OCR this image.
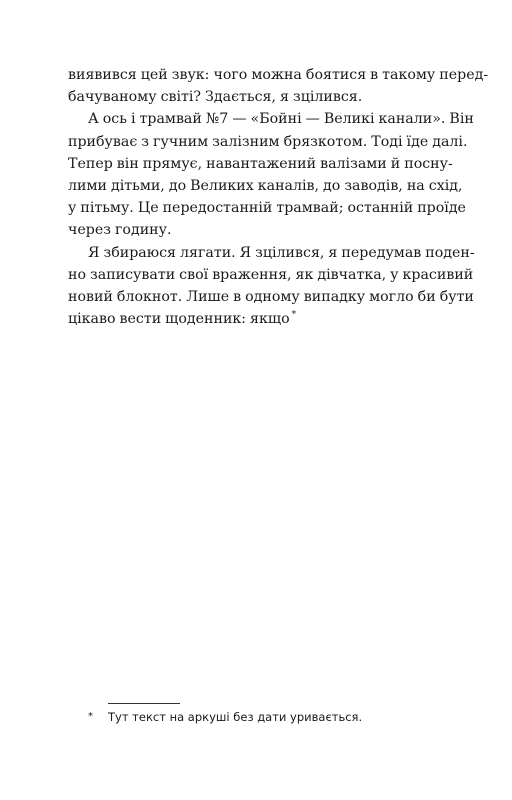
виявився цей звук: чого можна боятися в такому перед-
бачуваному світі? Здається, я зцілився.

А ось і трамвай №7 — «Бойні — Великі канали». Він
прибуває з гучним залізним брязкотом. Тоді їде далі.
Тепер він прямує, навантажений валізами й посну-
лими дітьми, до Великих каналів, до заводів, на схід,
у пітьму. Це передостанній трамвай; останній проїде
через годину.

Я збираюся лягати. Я зцілився, я передумав поден-
но записувати свої враження, як дівчатка, у красивий
новий блокнот. Лише в одному випадку могло би бути
цікаво вести щоденник: якщо *

* Тут текст на аркуші без дати уривається.
